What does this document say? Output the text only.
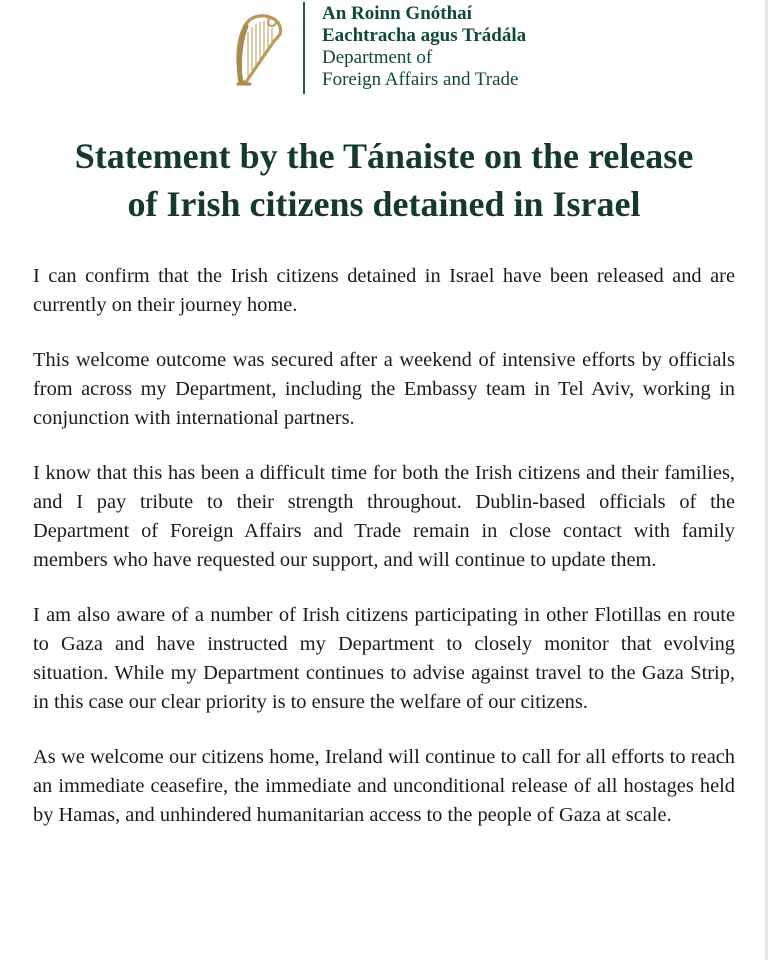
An Roinn Gnóthaí
Eachtracha agus Trádála
Department of
Foreign Affairs and Trade
Statement by the Tánaiste on the release
of Irish citizens detained in Israel

I can confirm that the Irish citizens detained in Israel have been released and are currently on their journey home.

This welcome outcome was secured after a weekend of intensive efforts by officials from across my Department, including the Embassy team in Tel Aviv, working in conjunction with international partners.

I know that this has been a difficult time for both the Irish citizens and their families, and I pay tribute to their strength throughout. Dublin-based officials of the Department of Foreign Affairs and Trade remain in close contact with family members who have requested our support, and will continue to update them.

I am also aware of a number of Irish citizens participating in other Flotillas en route to Gaza and have instructed my Department to closely monitor that evolving situation. While my Department continues to advise against travel to the Gaza Strip, in this case our clear priority is to ensure the welfare of our citizens.

As we welcome our citizens home, Ireland will continue to call for all efforts to reach an immediate ceasefire, the immediate and unconditional release of all hostages held by Hamas, and unhindered humanitarian access to the people of Gaza at scale.
